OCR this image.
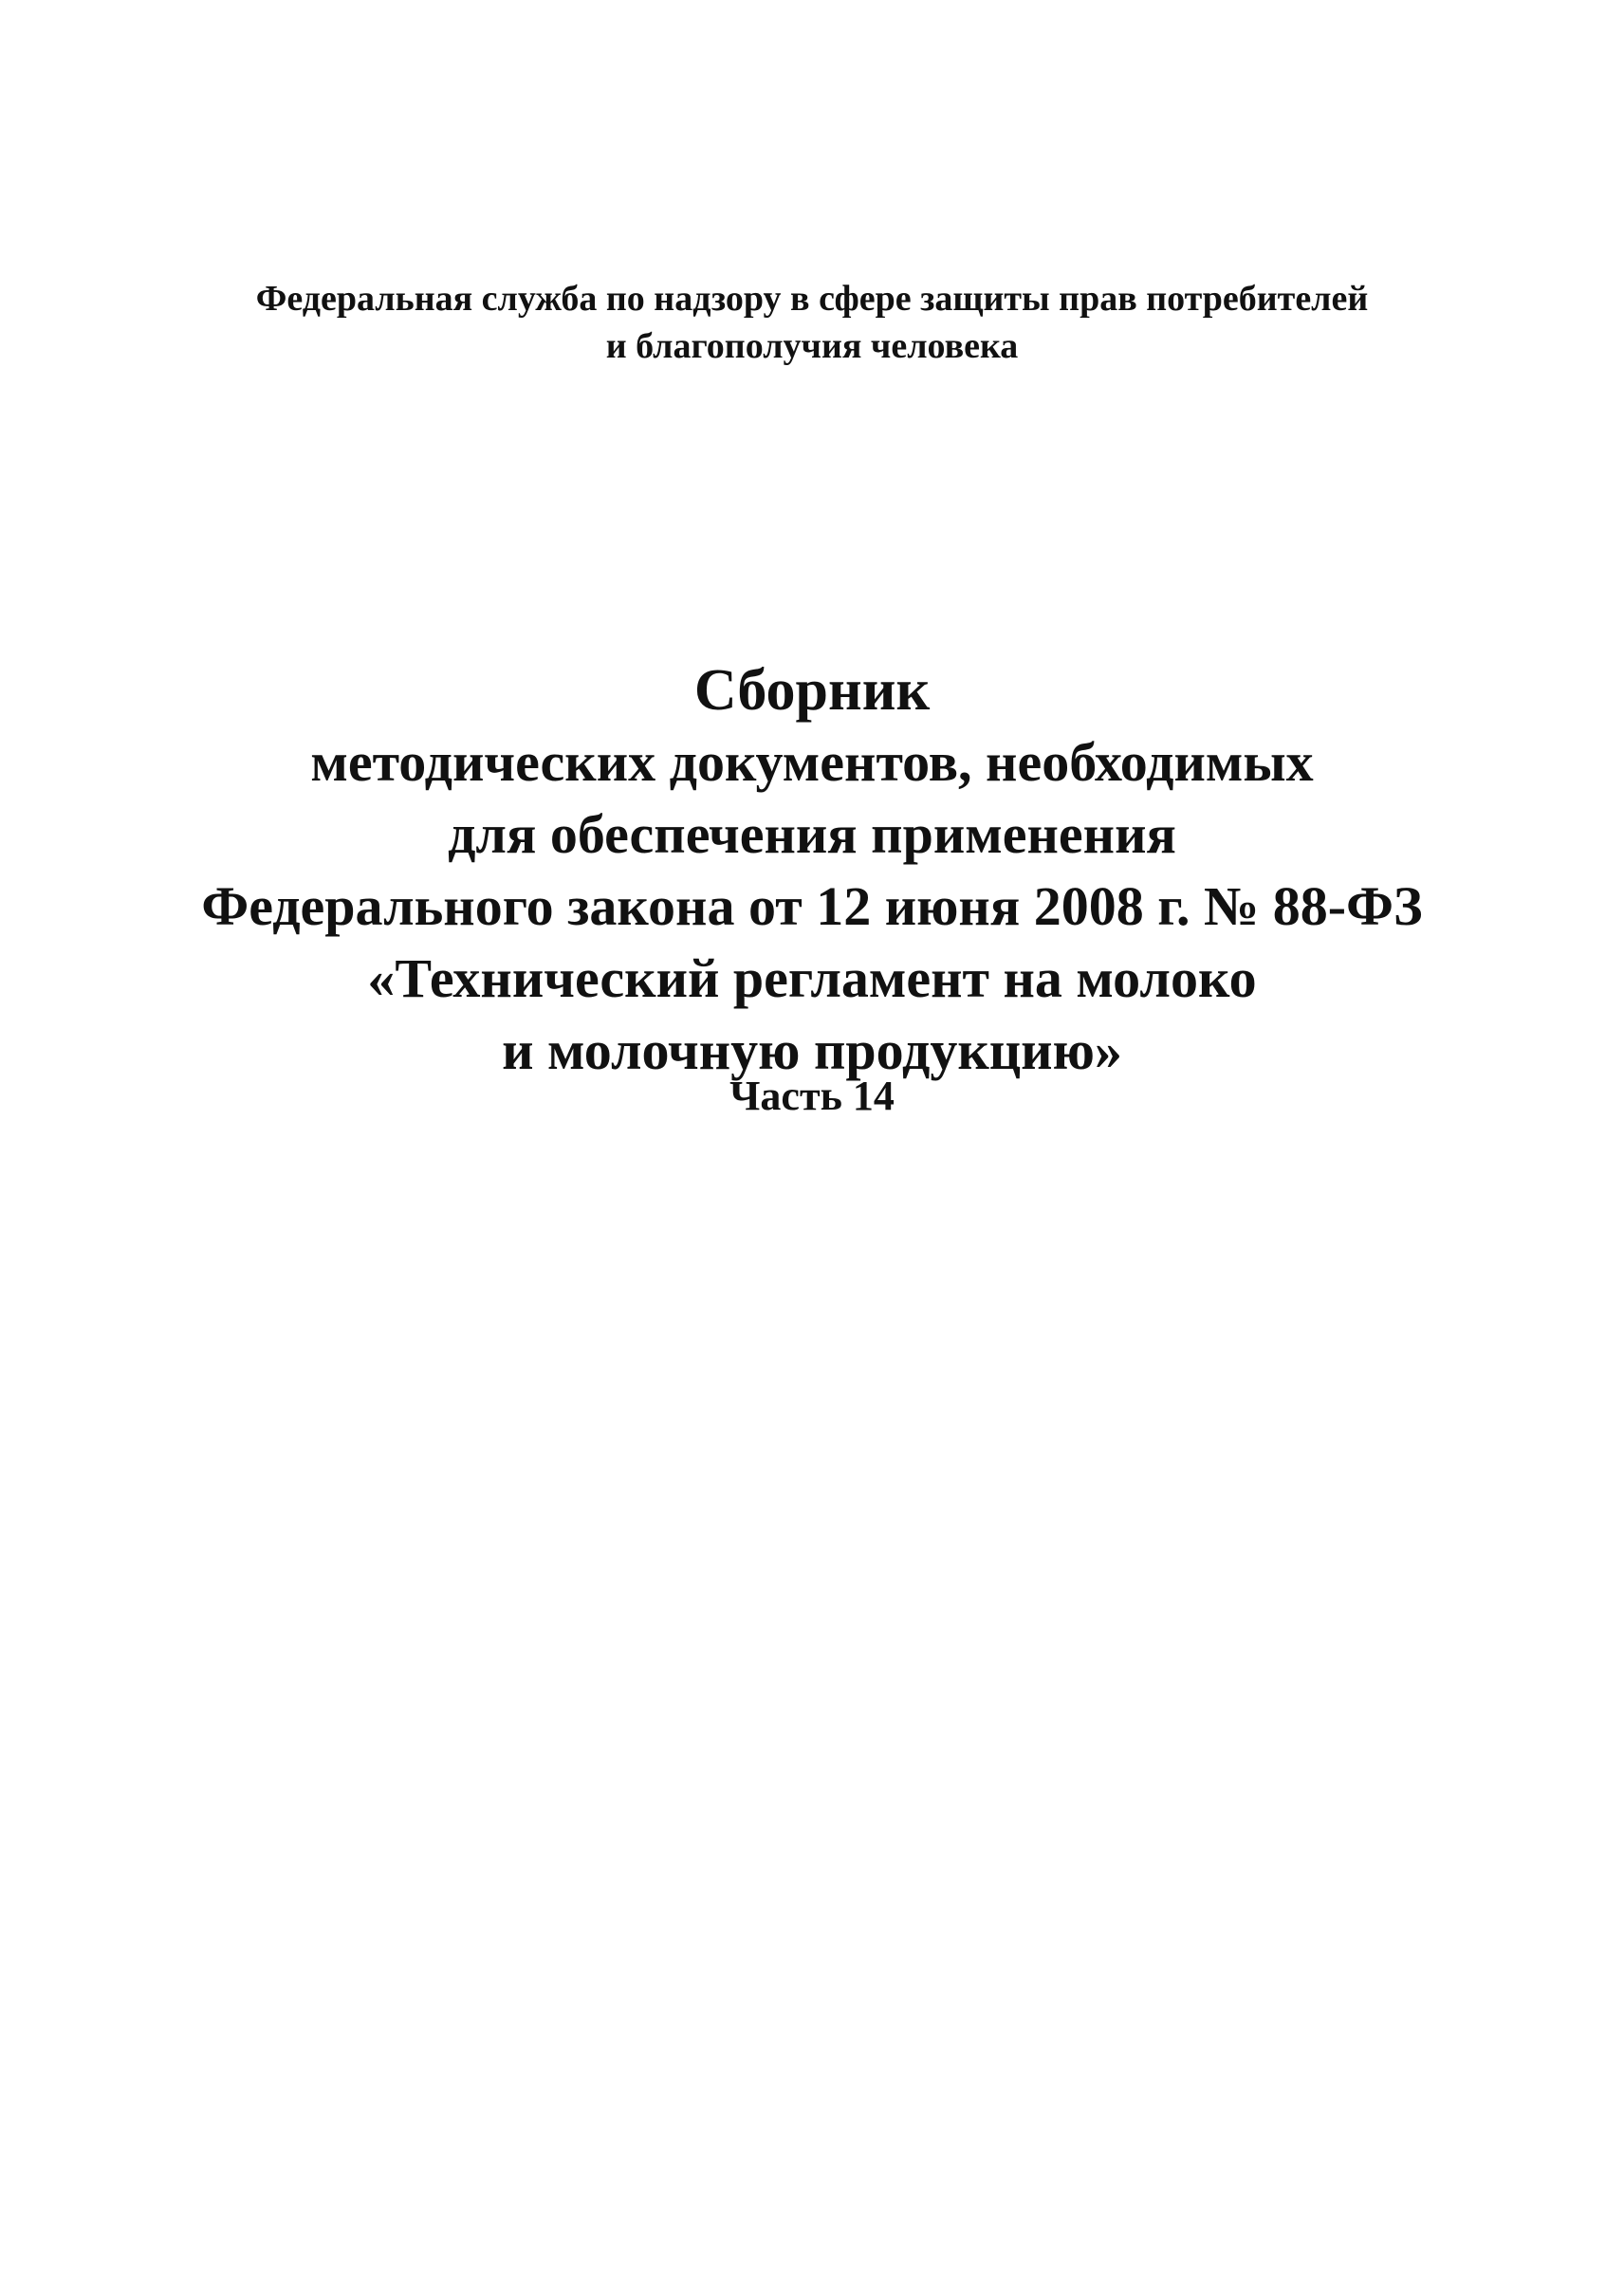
Федеральная служба по надзору в сфере защиты прав потребителей
и благополучия человека
Сборник
методических документов, необходимых
для обеспечения применения
Федерального закона от 12 июня 2008 г. № 88-ФЗ
«Технический регламент на молоко
и молочную продукцию»
Часть 14
